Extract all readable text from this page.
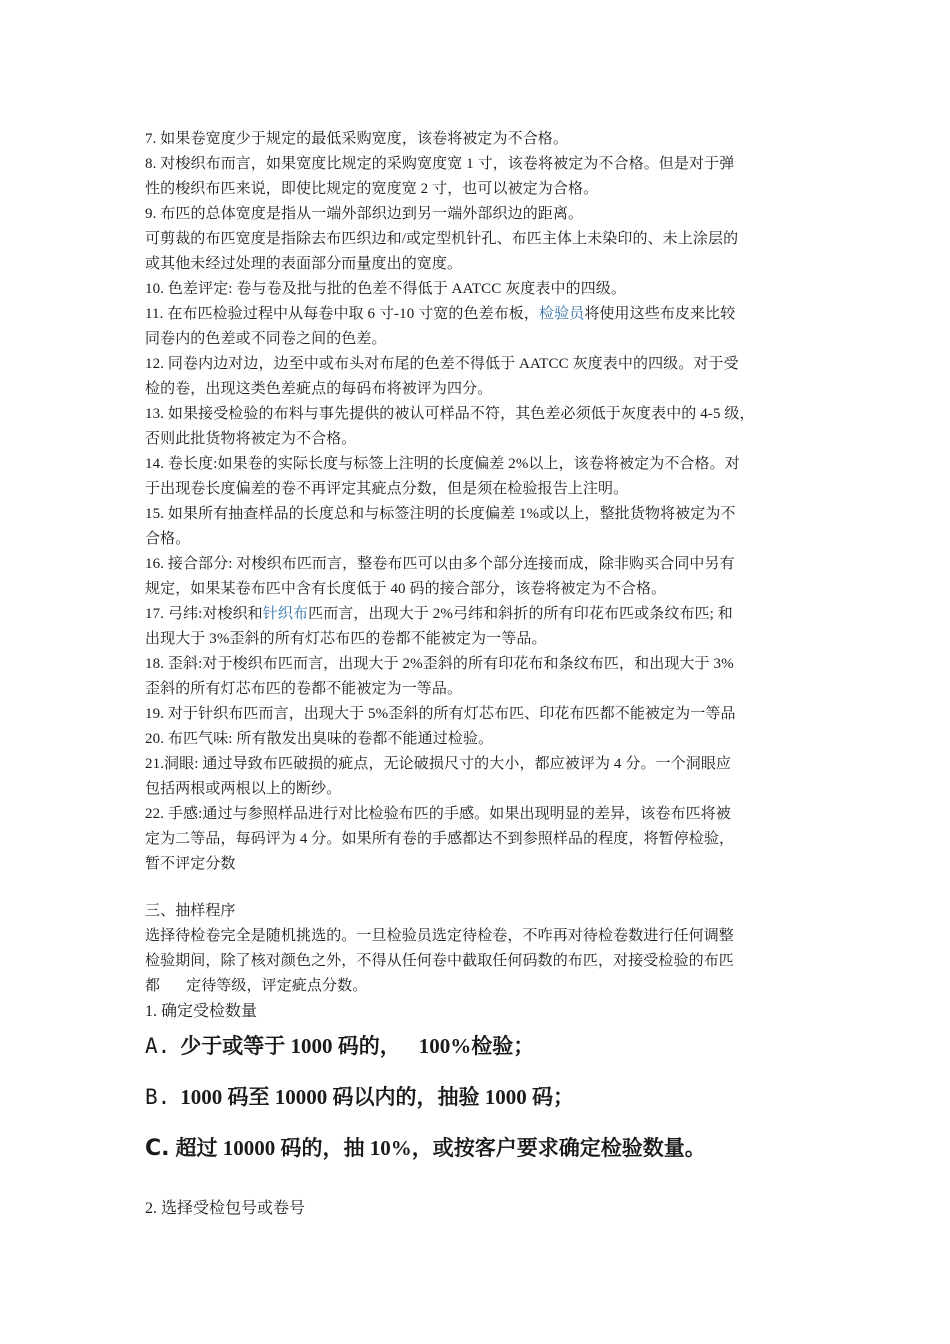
7. 如果卷宽度少于规定的最低采购宽度，该卷将被定为不合格。
8. 对梭织布而言，如果宽度比规定的采购宽度宽 1 寸，该卷将被定为不合格。但是对于弹
性的梭织布匹来说，即使比规定的宽度宽 2 寸，也可以被定为合格。
9. 布匹的总体宽度是指从一端外部织边到另一端外部织边的距离。
可剪裁的布匹宽度是指除去布匹织边和/或定型机针孔、布匹主体上未染印的、未上涂层的
或其他未经过处理的表面部分而量度出的宽度。
10. 色差评定: 卷与卷及批与批的色差不得低于 AATCC 灰度表中的四级。
11. 在布匹检验过程中从每卷中取 6 寸-10 寸宽的色差布板，检验员将使用这些布皮来比较
同卷内的色差或不同卷之间的色差。
12. 同卷内边对边，边至中或布头对布尾的色差不得低于 AATCC 灰度表中的四级。对于受
检的卷，出现这类色差疵点的每码布将被评为四分。
13. 如果接受检验的布料与事先提供的被认可样品不符，其色差必须低于灰度表中的 4-5 级，
否则此批货物将被定为不合格。
14. 卷长度:如果卷的实际长度与标签上注明的长度偏差 2%以上，该卷将被定为不合格。对
于出现卷长度偏差的卷不再评定其疵点分数，但是须在检验报告上注明。
15. 如果所有抽查样品的长度总和与标签注明的长度偏差 1%或以上，整批货物将被定为不
合格。
16. 接合部分: 对梭织布匹而言，整卷布匹可以由多个部分连接而成，除非购买合同中另有
规定，如果某卷布匹中含有长度低于 40 码的接合部分，该卷将被定为不合格。
17. 弓纬:对梭织和针织布匹而言，出现大于 2%弓纬和斜折的所有印花布匹或条纹布匹; 和
出现大于 3%歪斜的所有灯芯布匹的卷都不能被定为一等品。
18. 歪斜:对于梭织布匹而言，出现大于 2%歪斜的所有印花布和条纹布匹，和出现大于 3%
歪斜的所有灯芯布匹的卷都不能被定为一等品。
19. 对于针织布匹而言，出现大于 5%歪斜的所有灯芯布匹、印花布匹都不能被定为一等品
20. 布匹气味: 所有散发出臭味的卷都不能通过检验。
21.洞眼: 通过导致布匹破损的疵点，无论破损尺寸的大小，都应被评为 4 分。一个洞眼应
包括两根或两根以上的断纱。
22. 手感:通过与参照样品进行对比检验布匹的手感。如果出现明显的差异，该卷布匹将被
定为二等品，每码评为 4 分。如果所有卷的手感都达不到参照样品的程度，将暂停检验，
暂不评定分数
三、抽样程序
选择待检卷完全是随机挑选的。一旦检验员选定待检卷，不咋再对待检卷数进行任何调整
检验期间，除了核对颜色之外，不得从任何卷中截取任何码数的布匹，对接受检验的布匹
都 定待等级，评定疵点分数。
1. 确定受检数量
A. 少于或等于 1000 码的， 100%检验；
B. 1000 码至 10000 码以内的，抽验 1000 码；
C. 超过 10000 码的，抽 10%，或按客户要求确定检验数量。
2. 选择受检包号或卷号
